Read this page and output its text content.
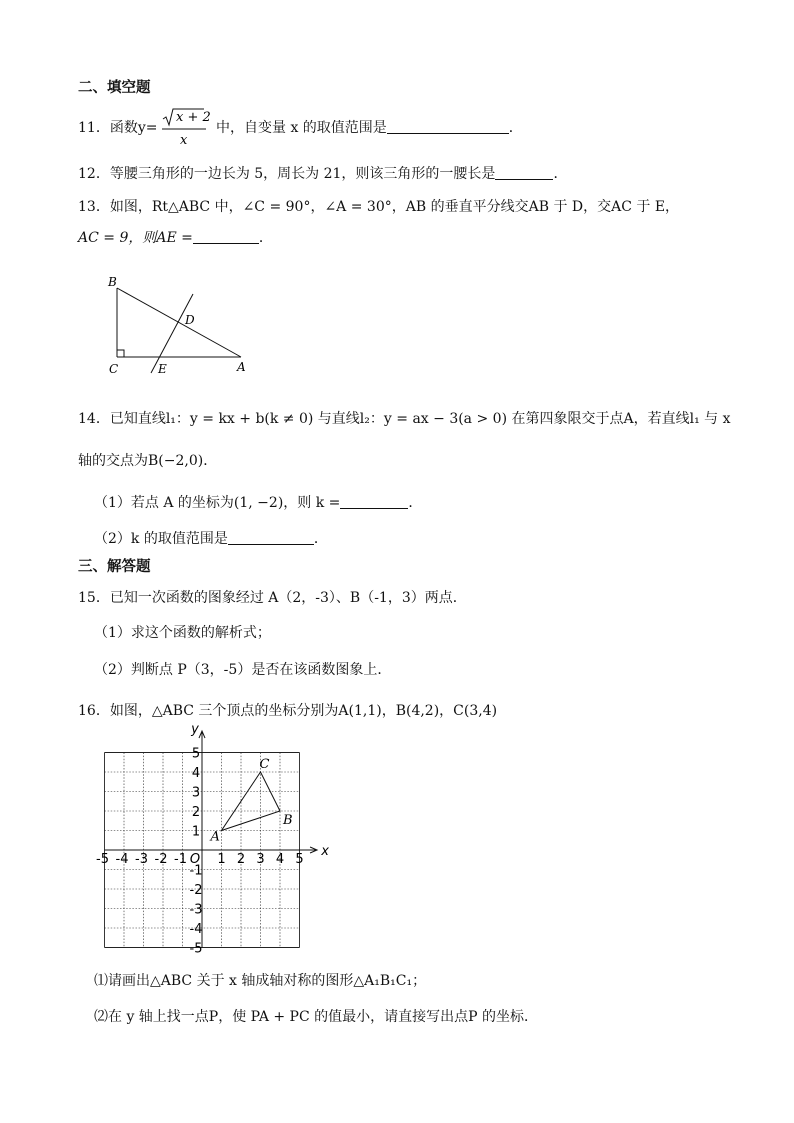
二、填空题
11．函数y=
x + 2
x
中，自变量 x 的取值范围是	．
12．等腰三角形的一边长为 5，周长为 21，则该三角形的一腰长是	．
13．如图，Rt△ABC 中，∠C = 90°，∠A = 30°，AB 的垂直平分线交AB 于 D，交AC 于 E，
AC = 9，则AE =	．
B
C
D
E	A
14．已知直线l₁：y = kx + b(k ≠ 0) 与直线l₂：y = ax − 3(a > 0) 在第四象限交于点A，若直线l₁ 与 x
轴的交点为B(−2,0)．
（1）若点 A 的坐标为(1, −2)，则 k =	．
（2）k 的取值范围是	．
三、解答题
15．已知一次函数的图象经过 A（2，-3）、B（-1，3）两点．
（1）求这个函数的解析式；
（2）判断点 P（3，-5）是否在该函数图象上．
16．如图，△ABC 三个顶点的坐标分别为A(1,1)，B(4,2)，C(3,4)
-5 -4 -3 -2 -1 1 2 3 4 5
5
4
3
2
1
-1
-2
-3
-4
-5
O
x
y
A
B
C
⑴请画出△ABC 关于 x 轴成轴对称的图形△A₁B₁C₁；
⑵在 y 轴上找一点P，使 PA + PC 的值最小，请直接写出点P 的坐标．
